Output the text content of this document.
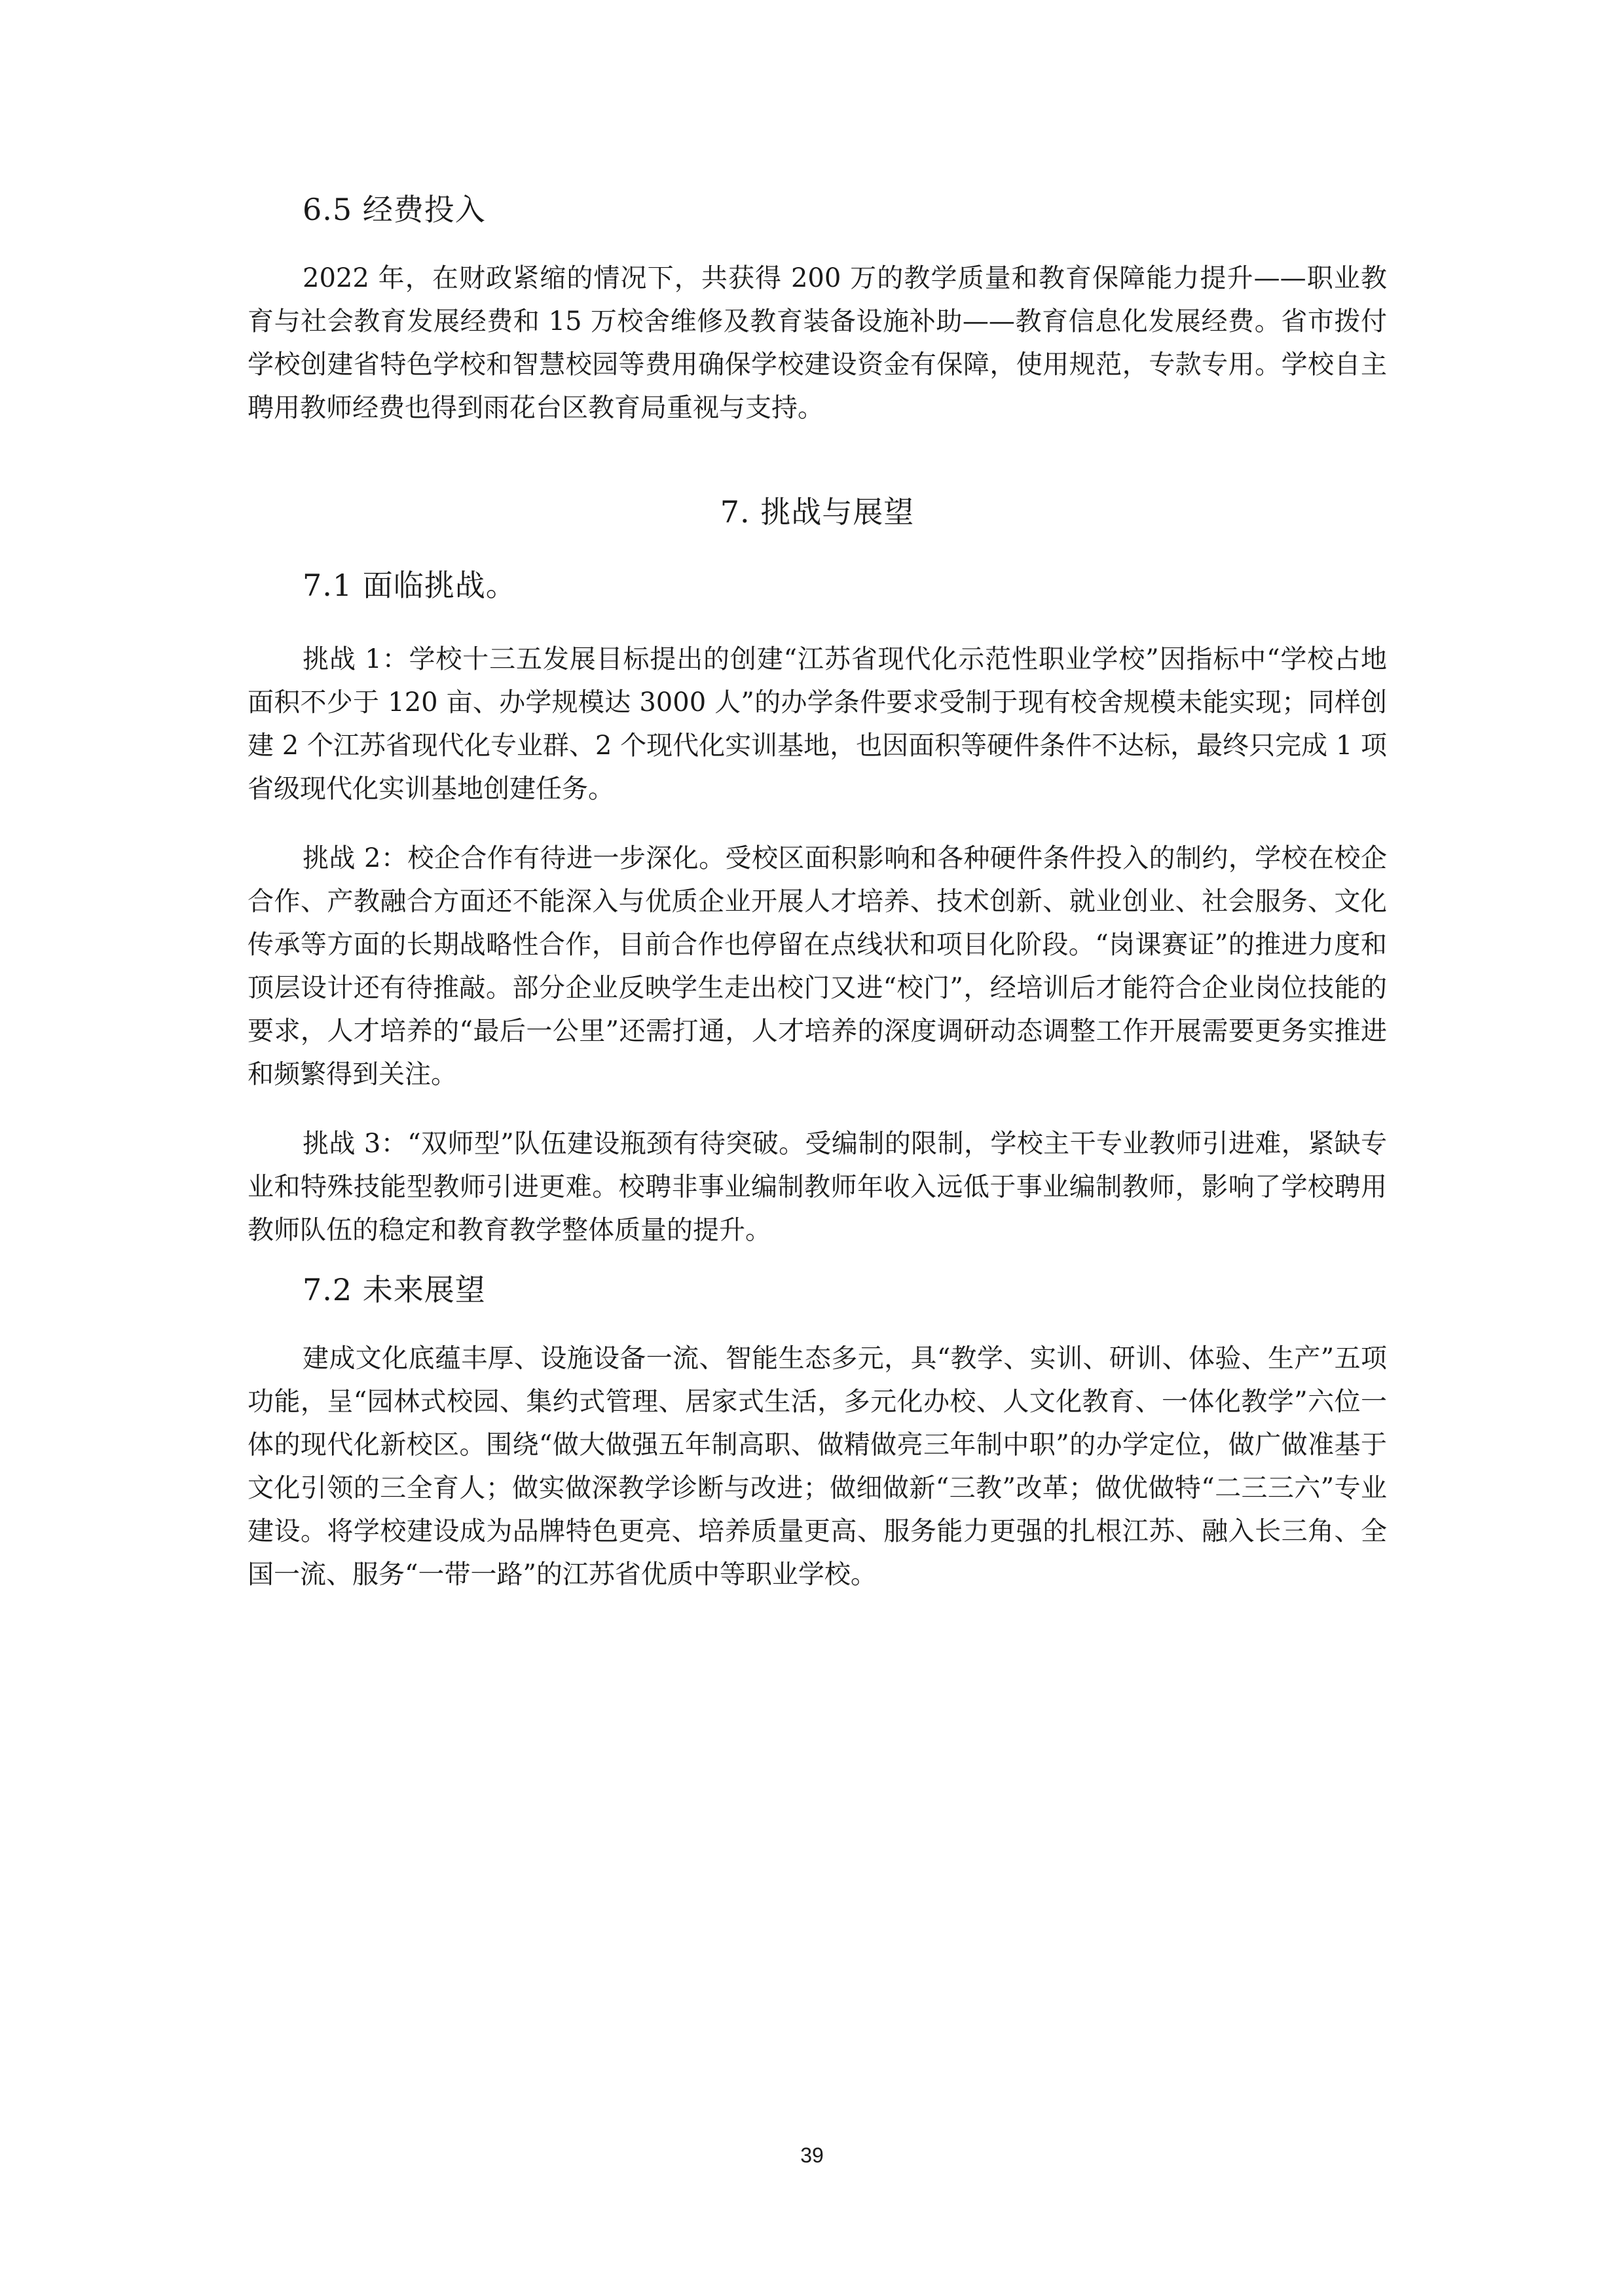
6.5 经费投入

2022 年，在财政紧缩的情况下，共获得 200 万的教学质量和教育保障能力提升——职业教育与社会教育发展经费和 15 万校舍维修及教育装备设施补助——教育信息化发展经费。省市拨付学校创建省特色学校和智慧校园等费用确保学校建设资金有保障，使用规范，专款专用。学校自主聘用教师经费也得到雨花台区教育局重视与支持。

7. 挑战与展望
7.1 面临挑战。

挑战 1：学校十三五发展目标提出的创建“江苏省现代化示范性职业学校”因指标中“学校占地面积不少于 120 亩、办学规模达 3000 人”的办学条件要求受制于现有校舍规模未能实现；同样创建 2 个江苏省现代化专业群、2 个现代化实训基地，也因面积等硬件条件不达标，最终只完成 1 项省级现代化实训基地创建任务。

挑战 2：校企合作有待进一步深化。受校区面积影响和各种硬件条件投入的制约，学校在校企合作、产教融合方面还不能深入与优质企业开展人才培养、技术创新、就业创业、社会服务、文化传承等方面的长期战略性合作，目前合作也停留在点线状和项目化阶段。“岗课赛证”的推进力度和顶层设计还有待推敲。部分企业反映学生走出校门又进“校门”，经培训后才能符合企业岗位技能的要求，人才培养的“最后一公里”还需打通，人才培养的深度调研动态调整工作开展需要更务实推进和频繁得到关注。

挑战 3：“双师型”队伍建设瓶颈有待突破。受编制的限制，学校主干专业教师引进难，紧缺专业和特殊技能型教师引进更难。校聘非事业编制教师年收入远低于事业编制教师，影响了学校聘用教师队伍的稳定和教育教学整体质量的提升。

7.2 未来展望

建成文化底蕴丰厚、设施设备一流、智能生态多元，具“教学、实训、研训、体验、生产”五项功能，呈“园林式校园、集约式管理、居家式生活，多元化办校、人文化教育、一体化教学”六位一体的现代化新校区。围绕“做大做强五年制高职、做精做亮三年制中职”的办学定位，做广做准基于文化引领的三全育人；做实做深教学诊断与改进；做细做新“三教”改革；做优做特“二三三六”专业建设。将学校建设成为品牌特色更亮、培养质量更高、服务能力更强的扎根江苏、融入长三角、全国一流、服务“一带一路”的江苏省优质中等职业学校。

39
